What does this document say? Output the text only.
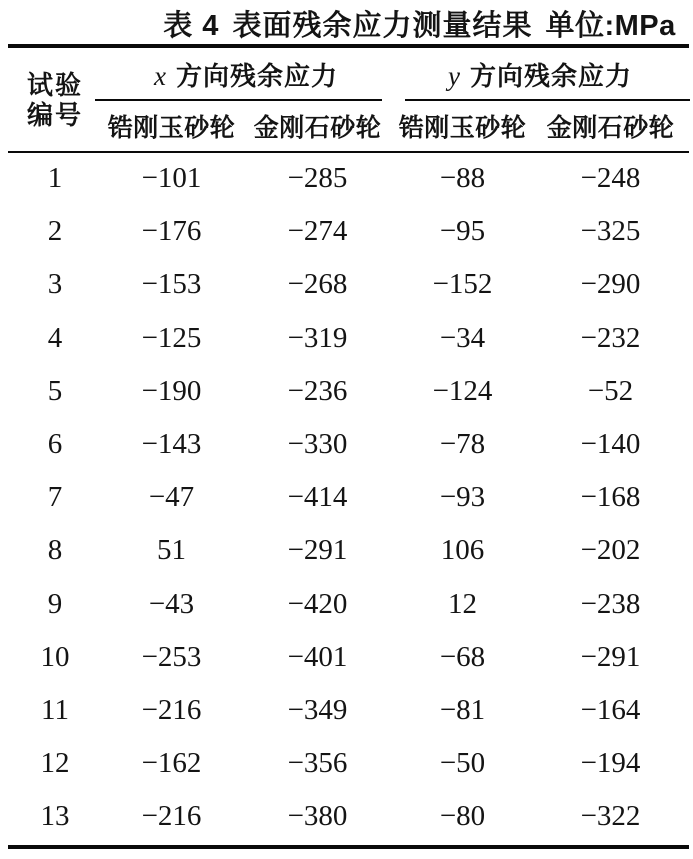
表 4 表面残余应力测量结果 单位:MPa
试验
编号	x 方向残余应力		y 方向残余应力	
	锆刚玉砂轮	金刚石砂轮	锆刚玉砂轮	金刚石砂轮
1	−101	−285	−88	−248
2	−176	−274	−95	−325
3	−153	−268	−152	−290
4	−125	−319	−34	−232
5	−190	−236	−124	−52
6	−143	−330	−78	−140
7	−47	−414	−93	−168
8	51	−291	106	−202
9	−43	−420	12	−238
10	−253	−401	−68	−291
11	−216	−349	−81	−164
12	−162	−356	−50	−194
13	−216	−380	−80	−322
